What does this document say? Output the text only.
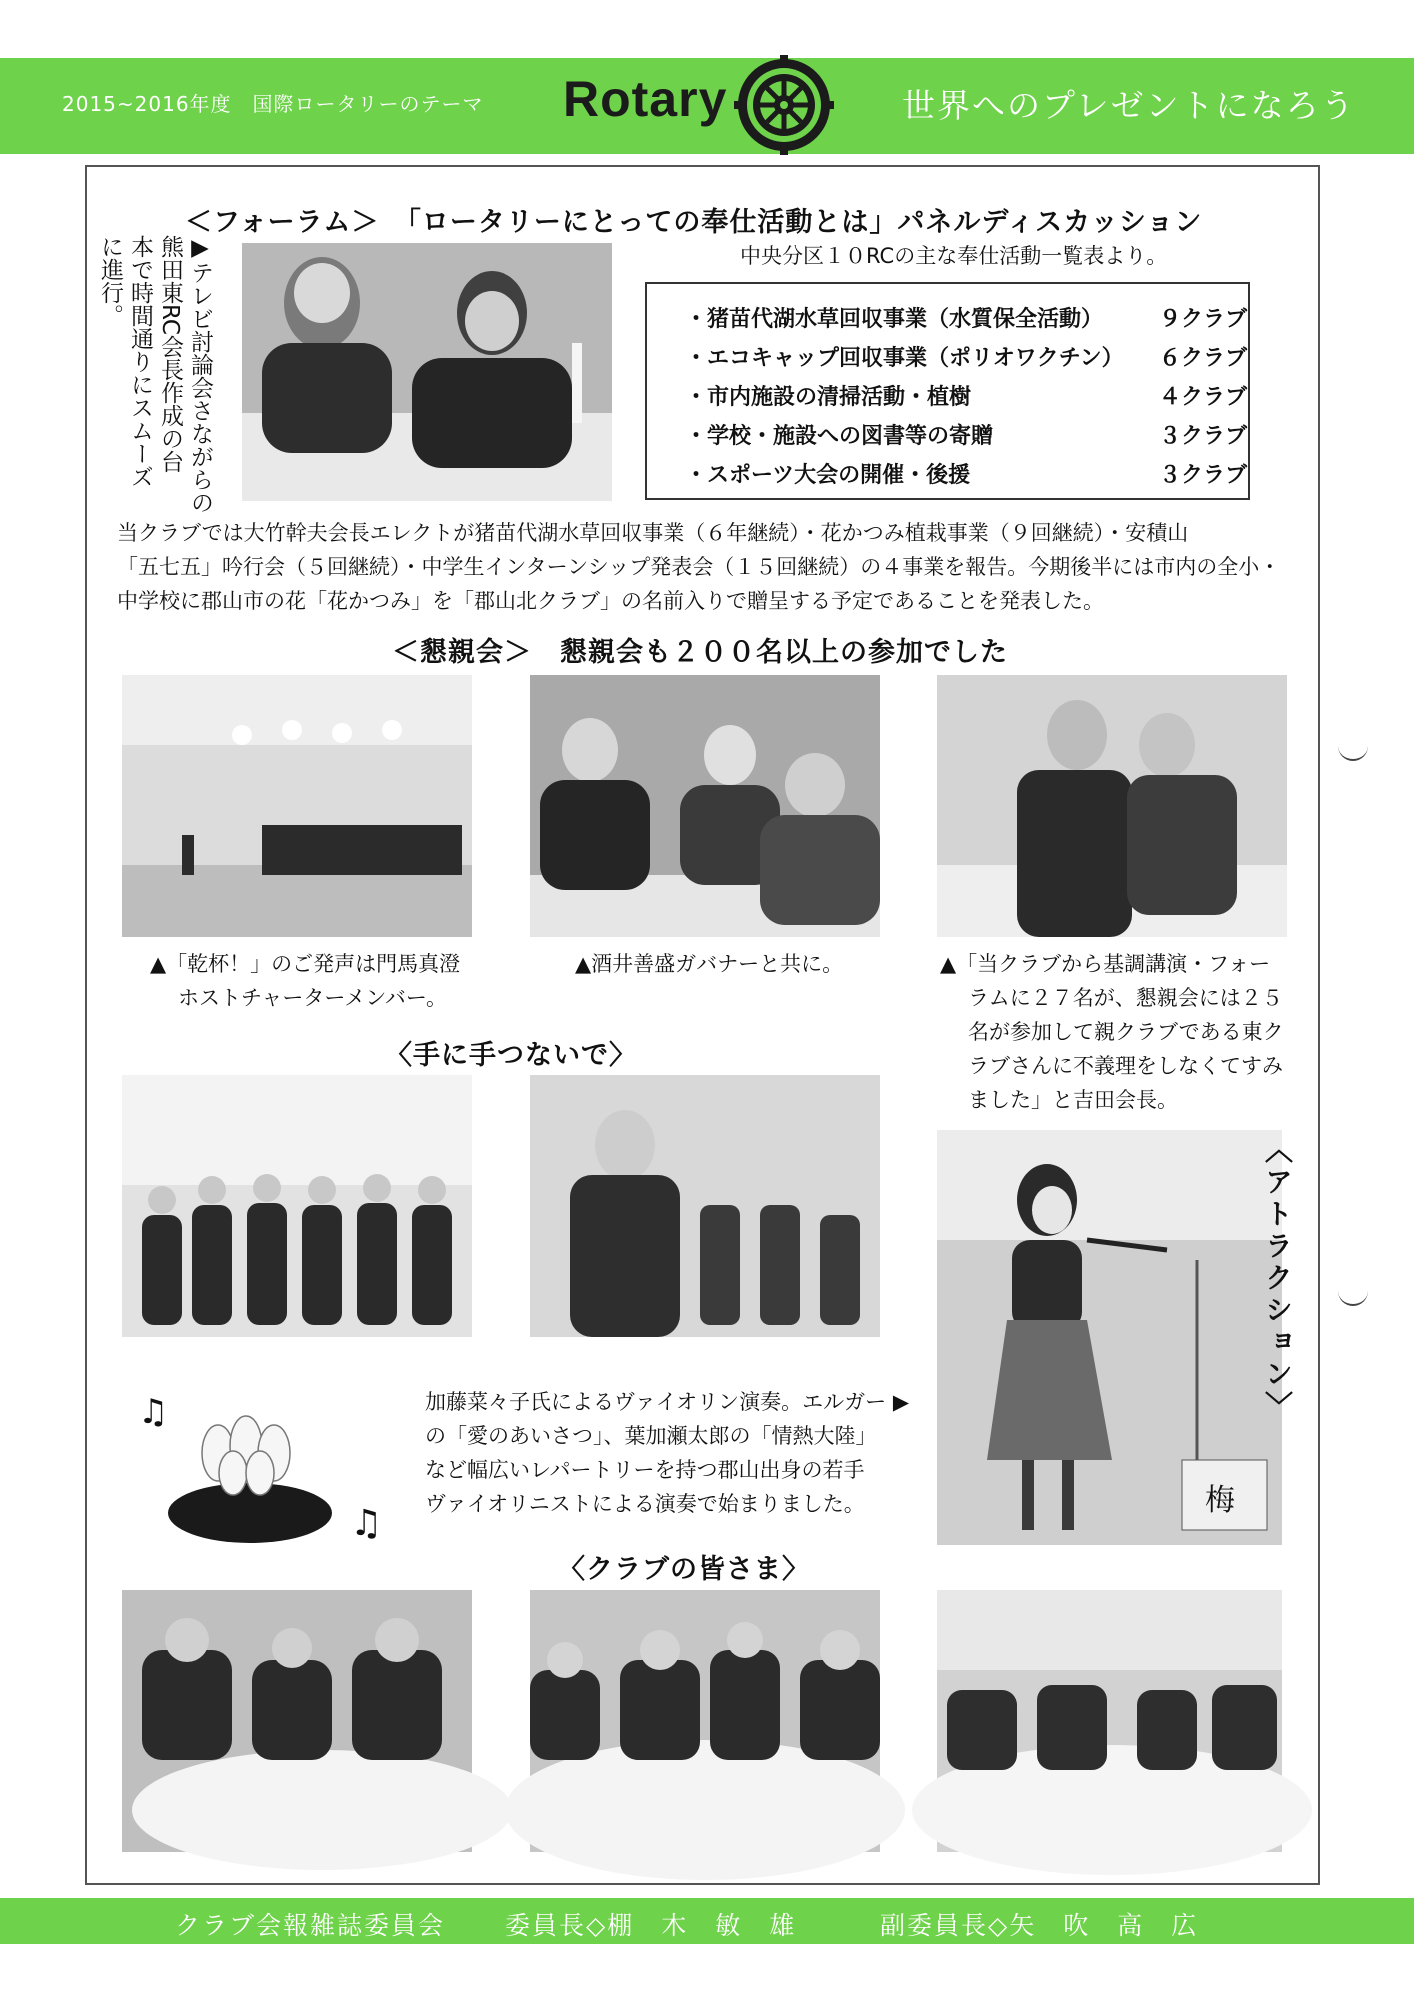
2015~2016年度　国際ロータリーのテーマ Rotary	世界へのプレゼントになろう
＜フォーラム＞　「ロータリーにとっての奉仕活動とは」パネルディスカッション
▶テレビ討論会さながらの
熊田東RC会長作成の台
本で時間通りにスムーズ
に進行。	中央分区１０RCの主な奉仕活動一覧表より。
・猪苗代湖水草回収事業（水質保全活動）	９クラブ
・エコキャップ回収事業（ポリオワクチン） ６クラブ
・市内施設の清掃活動・植樹	４クラブ
・学校・施設への図書等の寄贈	３クラブ
・スポーツ大会の開催・後援	３クラブ
当クラブでは大竹幹夫会長エレクトが猪苗代湖水草回収事業（６年継続）・花かつみ植栽事業（９回継続）・安積山
「五七五」吟行会（５回継続）・中学生インターンシップ発表会（１５回継続）の４事業を報告。今期後半には市内の全小・
中学校に郡山市の花「花かつみ」を「郡山北クラブ」の名前入りで贈呈する予定であることを発表した。
＜懇親会＞　懇親会も２００名以上の参加でした
▲「乾杯！」のご発声は門馬真澄
ホストチャーターメンバー。
▲酒井善盛ガバナーと共に。	▲「当クラブから基調講演・フォー
ラムに２７名が、懇親会には２５
名が参加して親クラブである東ク
ラブさんに不義理をしなくてすみ
ました」と吉田会長。
〈手に手つないで〉
梅
〈アトラクション〉
♫
♫
加藤菜々子氏によるヴァイオリン演奏。エルガー ▶
の「愛のあいさつ」、葉加瀬太郎の「情熱大陸」
など幅広いレパートリーを持つ郡山出身の若手
ヴァイオリニストによる演奏で始まりました。
〈クラブの皆さま〉
クラブ会報雑誌委員会 委員長◇棚　木　敏　雄	副委員長◇矢　吹　高　広
